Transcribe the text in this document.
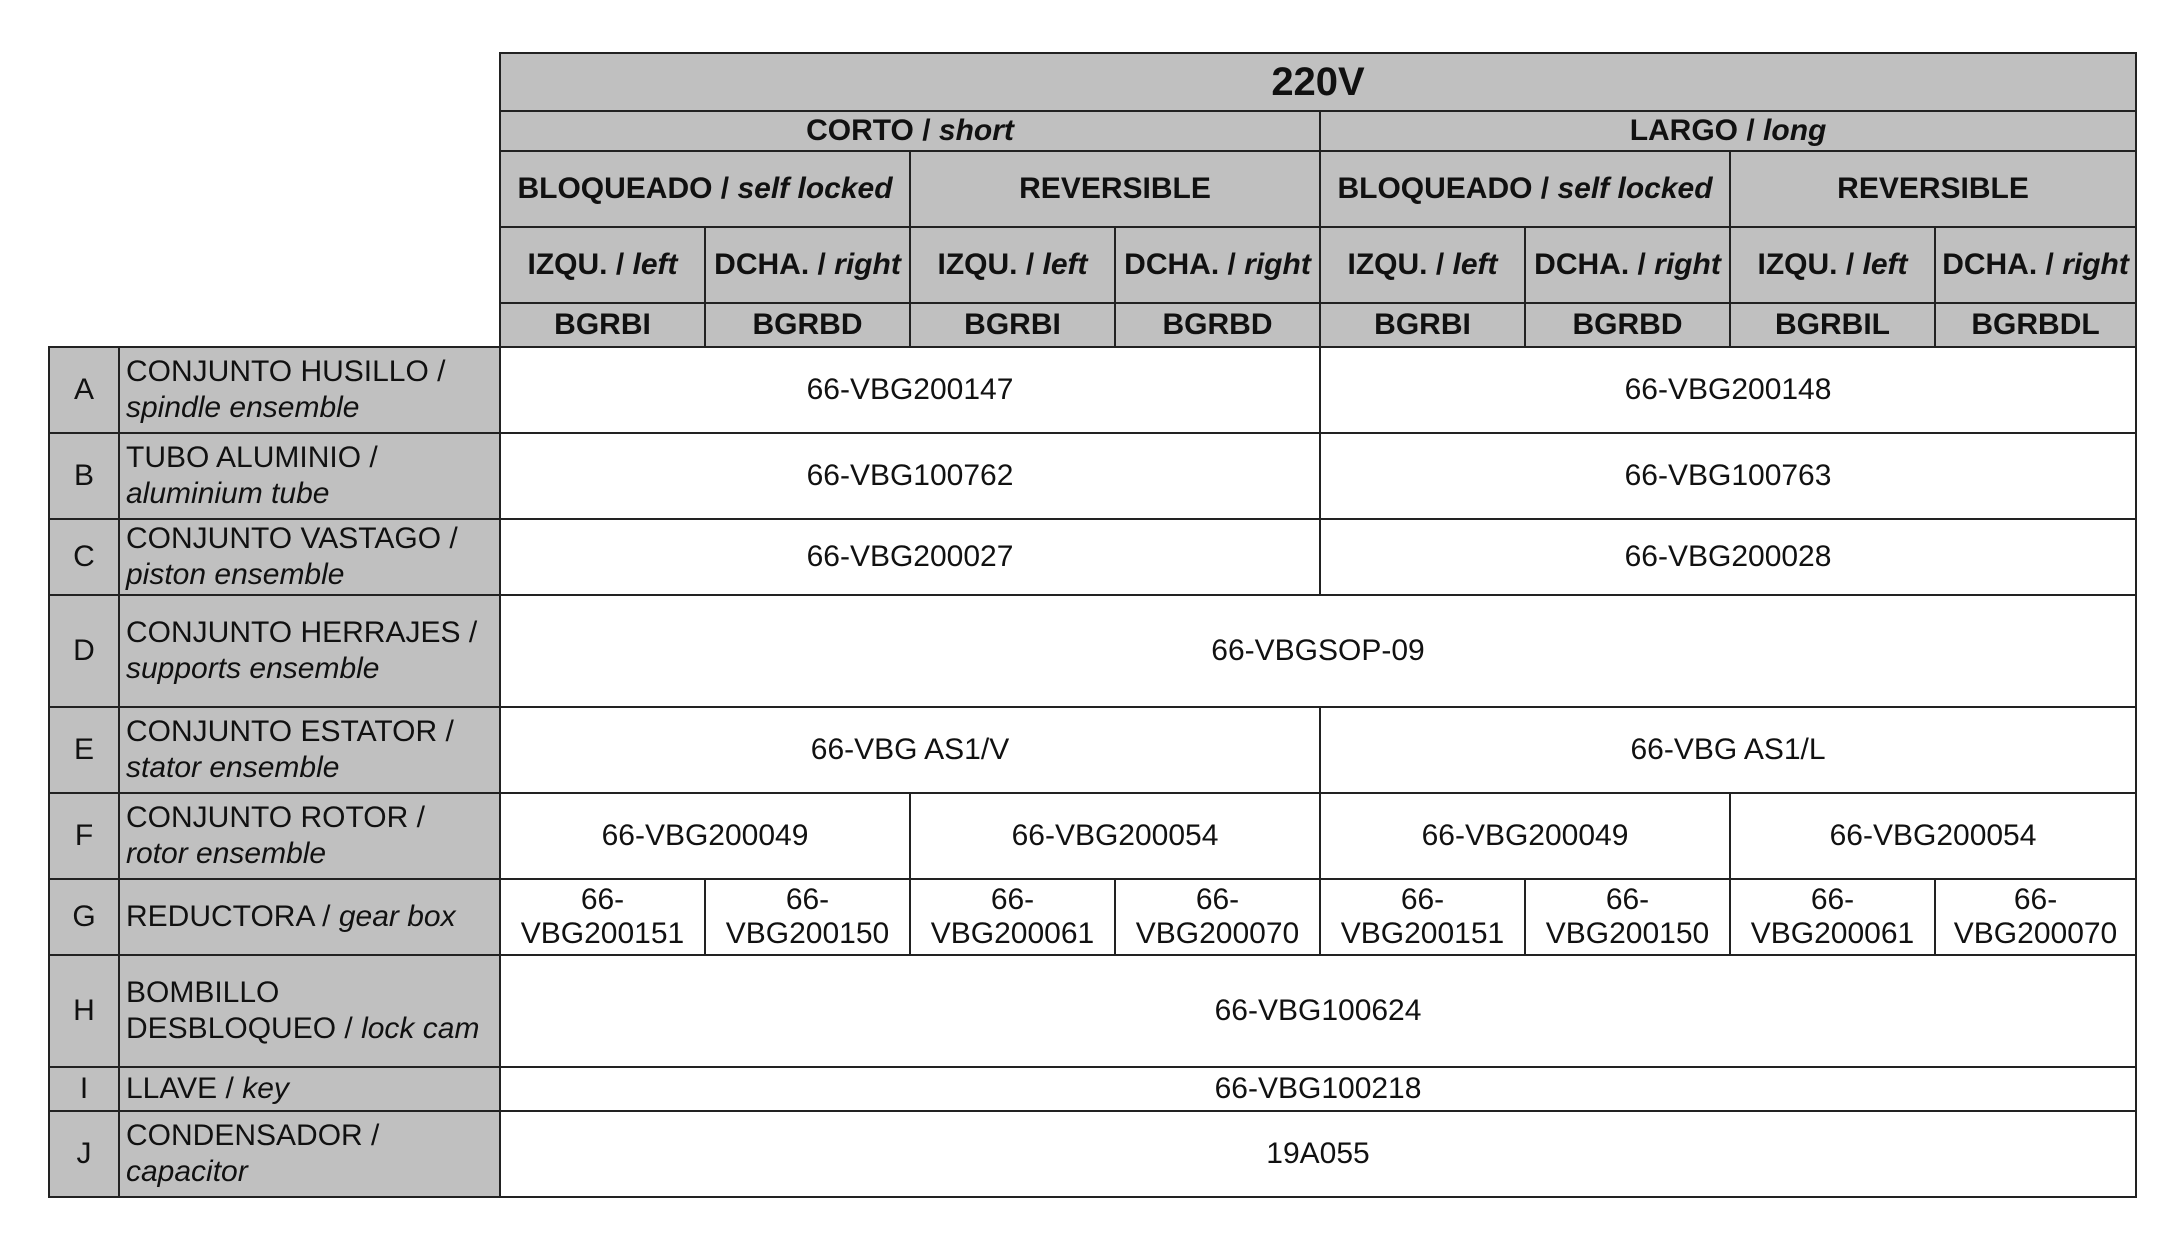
		220V							
		CORTO / short				LARGO / long			
		BLOQUEADO / self locked		REVERSIBLE		BLOQUEADO / self locked		REVERSIBLE	
		IZQU. / left	DCHA. / right	IZQU. / left	DCHA. / right	IZQU. / left	DCHA. / right	IZQU. / left	DCHA. / right
		BGRBI	BGRBD	BGRBI	BGRBD	BGRBI	BGRBD	BGRBIL	BGRBDL
A	CONJUNTO HUSILLO / spindle ensemble	66-VBG200147				66-VBG200148			
B	TUBO ALUMINIO / aluminium tube	66-VBG100762				66-VBG100763			
C	CONJUNTO VASTAGO / piston ensemble	66-VBG200027				66-VBG200028			
D	CONJUNTO HERRAJES / supports ensemble	66-VBGSOP-09							
E	CONJUNTO ESTATOR / stator ensemble	66-VBG AS1/V				66-VBG AS1/L			
F	CONJUNTO ROTOR / rotor ensemble	66-VBG200049		66-VBG200054		66-VBG200049		66-VBG200054	
G	REDUCTORA / gear box	66-VBG200151	66-VBG200150	66-VBG200061	66-VBG200070	66-VBG200151	66-VBG200150	66-VBG200061	66-VBG200070
H	BOMBILLO DESBLOQUEO / lock cam	66-VBG100624							
I	LLAVE / key	66-VBG100218							
J	CONDENSADOR / capacitor	19A055							
